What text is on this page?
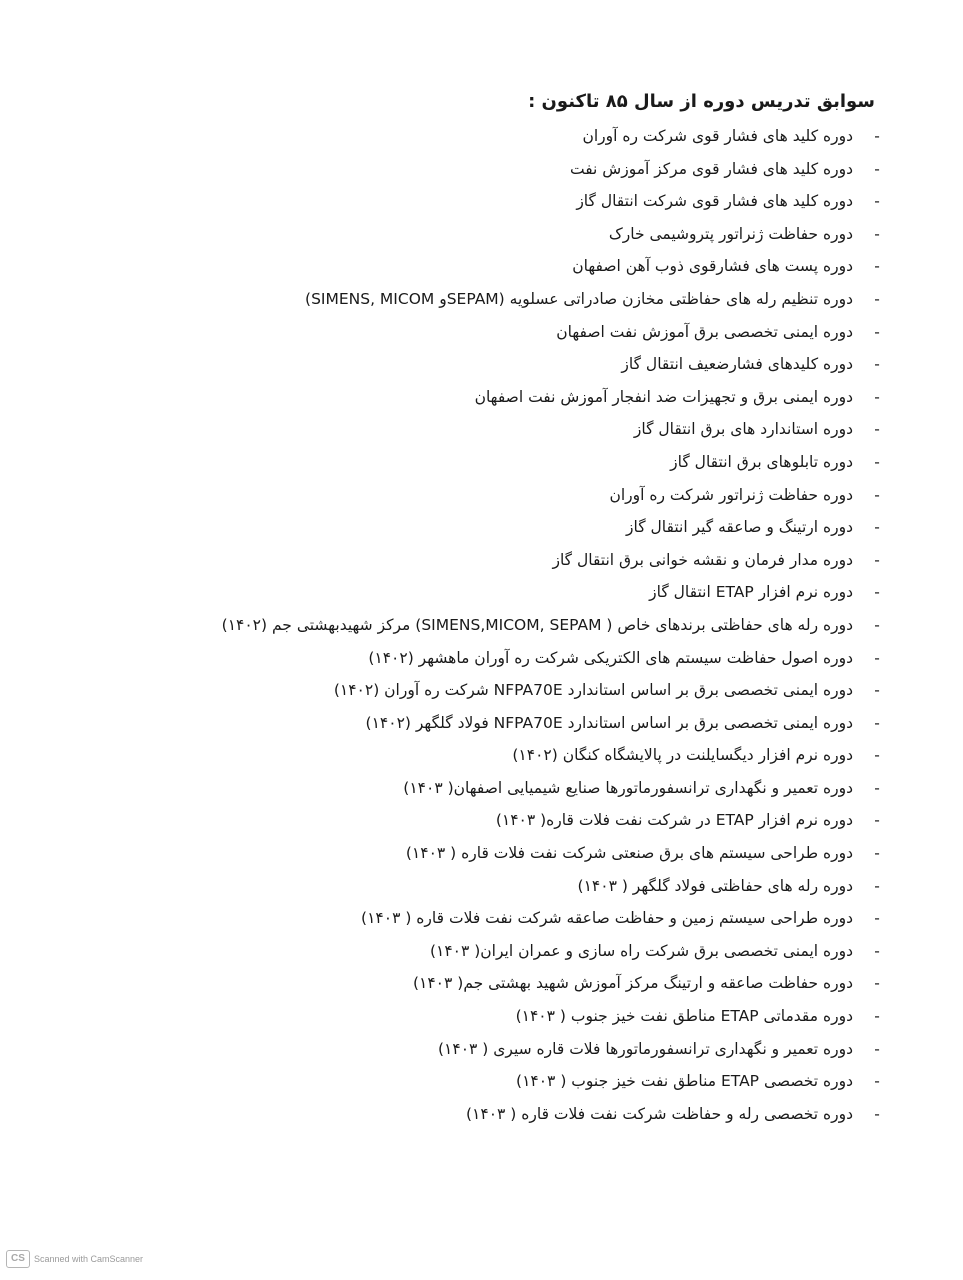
سوابق تدریس دوره از سال ۸۵ تاکنون :
-
دوره کلید های فشار قوی شرکت ره آوران
-
دوره کلید های فشار قوی مرکز آموزش نفت
-
دوره کلید های فشار قوی شرکت انتقال گاز
-
دوره حفاظت ژنراتور پتروشیمی خارک
-
دوره پست های فشارقوی ذوب آهن اصفهان
-
دوره تنظیم رله های حفاظتی مخازن صادراتی عسلویه (SEPAMو SIMENS, MICOM)
-
دوره ایمنی تخصصی برق آموزش نفت اصفهان
-
دوره کلیدهای فشارضعیف انتقال گاز
-
دوره ایمنی برق و تجهیزات ضد انفجار آموزش نفت اصفهان
-
دوره استاندارد های برق انتقال گاز
-
دوره تابلوهای برق انتقال گاز
-
دوره حفاظت ژنراتور شرکت ره آوران
-
دوره ارتینگ و صاعقه گیر انتقال گاز
-
دوره مدار فرمان و نقشه خوانی برق انتقال گاز
-
دوره نرم افزار ETAP انتقال گاز
-
دوره رله های حفاظتی برندهای خاص ( SIMENS,MICOM, SEPAM) مرکز شهیدبهشتی جم (۱۴۰۲)
-
دوره اصول حفاظت سیستم های الکتریکی شرکت ره آوران ماهشهر (۱۴۰۲)
-
دوره ایمنی تخصصی برق بر اساس استاندارد NFPA70E شرکت ره آوران (۱۴۰۲)
-
دوره ایمنی تخصصی برق بر اساس استاندارد NFPA70E فولاد گلگهر (۱۴۰۲)
-
دوره نرم افزار دیگسایلنت در پالایشگاه کنگان (۱۴۰۲)
-
دوره تعمیر و نگهداری ترانسفورماتورها صنایع شیمیایی اصفهان( ۱۴۰۳)
-
دوره نرم افزار ETAP در شرکت نفت فلات قاره( ۱۴۰۳)
-
دوره طراحی سیستم های برق صنعتی شرکت نفت فلات قاره ( ۱۴۰۳)
-
دوره رله های حفاظتی فولاد گلگهر ( ۱۴۰۳)
-
دوره طراحی سیستم زمین و حفاظت صاعقه شرکت نفت فلات قاره ( ۱۴۰۳)
-
دوره ایمنی تخصصی برق شرکت راه سازی و عمران ایران( ۱۴۰۳)
-
دوره حفاظت صاعقه و ارتینگ مرکز آموزش شهید بهشتی جم( ۱۴۰۳)
-
دوره مقدماتی ETAP مناطق نفت خیز جنوب ( ۱۴۰۳)
-
دوره تعمیر و نگهداری ترانسفورماتورها فلات قاره سیری ( ۱۴۰۳)
-
دوره تخصصی ETAP مناطق نفت خیز جنوب ( ۱۴۰۳)
-
دوره تخصصی رله و حفاظت شرکت نفت فلات قاره ( ۱۴۰۳)
CS	Scanned with CamScanner
